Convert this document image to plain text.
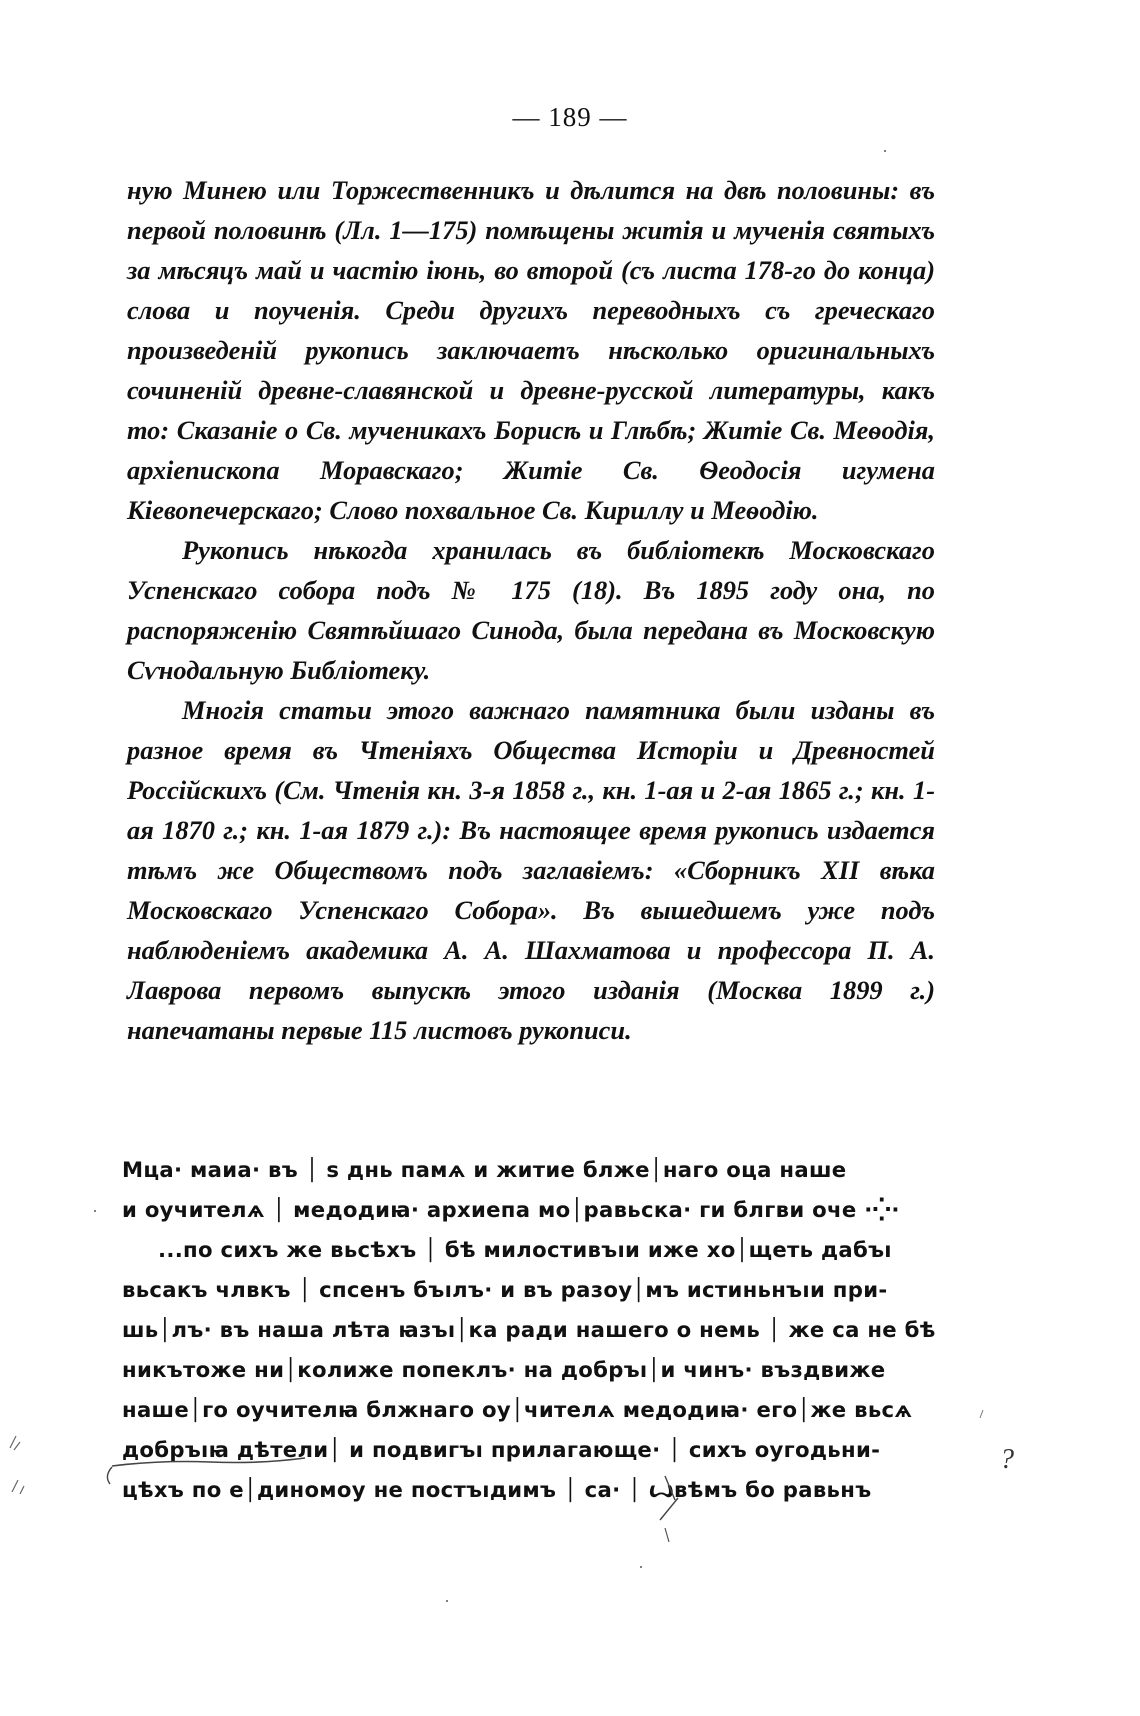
— 189 —

ную Минею или Торжественникъ и дѣлится на двѣ половины: въ первой половинѣ (Лл. 1—175) помѣщены житія и мученія святыхъ за мѣсяцъ май и частію іюнь, во второй (съ листа 178-го до конца) слова и поученія. Среди другихъ переводныхъ съ греческаго произведеній рукопись заключаетъ нѣсколько оригинальныхъ сочиненій древне-славянской и древне-русской литературы, какъ то: Сказаніе о Св. мученикахъ Борисѣ и Глѣбѣ; Житіе Св. Меѳодія, архіепископа Моравскаго; Житіе Св. Ѳеодосія игумена Кіевопечерскаго; Слово похвальное Св. Кириллу и Меѳодію.

Рукопись нѣкогда хранилась въ библіотекѣ Московскаго Успенскаго собора подъ № 175 (18). Въ 1895 году она, по распоряженію Святѣйшаго Синода, была передана въ Московскую Сѵнодальную Библіотеку.

Многія статьи этого важнаго памятника были изданы въ разное время въ Чтеніяхъ Общества Исторіи и Древностей Россійскихъ (См. Чтенія кн. 3-я 1858 г., кн. 1-ая и 2-ая 1865 г.; кн. 1-ая 1870 г.; кн. 1-ая 1879 г.): Въ настоящее время рукопись издается тѣмъ же Обществомъ подъ заглавіемъ: «Сборникъ XII вѣка Московскаго Успенскаго Собора». Въ вышедшемъ уже подъ наблюденіемъ академика А. А. Шахматова и профессора П. А. Лаврова первомъ выпускѣ этого изданія (Москва 1899 г.) напечатаны первые 115 листовъ рукописи.

Мца· маиа· въ │ ѕ днь памѧ и житие блже│наго оца наше

и оучителѧ │ медодиꙗ· архиепа мо│равьска· ги блгви оче ·⁛·

...по сихъ же вьсѣхъ │ бѣ милостивъıи иже хо│щеть дабъı

вьсакъ члвкъ │ спсенъ бъıлъ· и въ разоу│мъ истиньнъıи при-

шь│лъ· въ наша лѣта ꙗзъı│ка ради нашего о немь │ же са не бѣ

никътоже ни│колиже попеклъ· на добръı│и чинъ· въздвиже

наше│го оучителꙗ блжнаго оу│чителѧ медодиꙗ· его│же вьсѧ

добръıꙗ дѣтели│ и подвигъı прилагающе· │ сихъ оугодьни-

цѣхъ по е│диномоу не постъıдимъ │ са· │ ꙍвѣмъ бо равьнъ

?
